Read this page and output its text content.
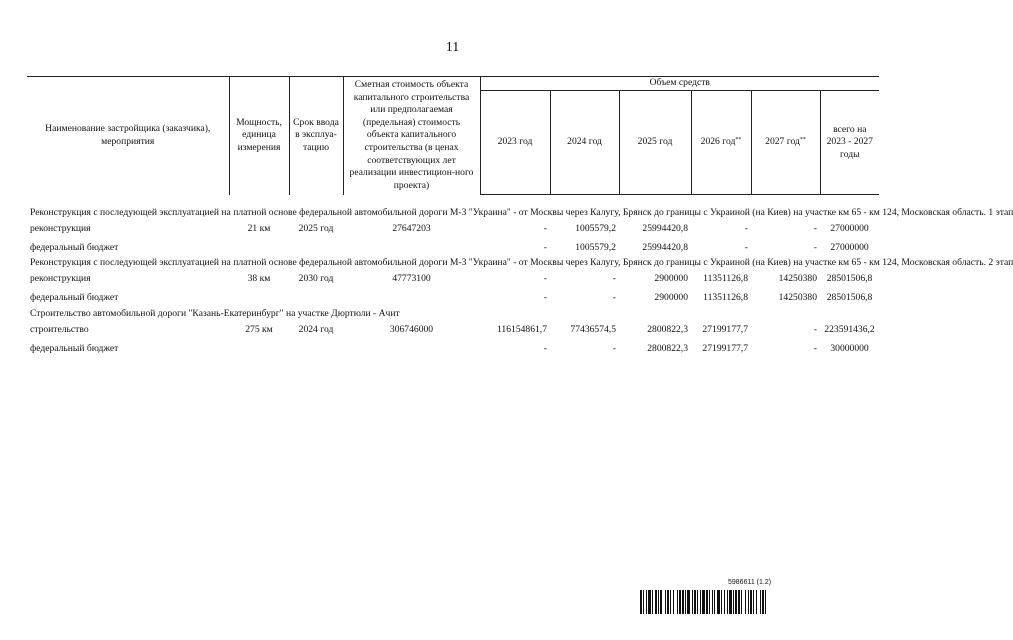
11
Наименование застройщика (заказчика), мероприятия	Мощность, единица измерения	Срок ввода в эксплуа-тацию	Сметная стоимость объекта капитального строительства или предполагаемая (предельная) стоимость объекта капитального строительства (в ценах соответствующих лет реализации инвестицион-ного проекта)	Объем средств					
				2023 год	2024 год	2025 год	2026 год**	2027 год**	всего на 2023 - 2027 годы

Реконструкция с последующей эксплуатацией на платной основе федеральной автомобильной дороги М-3 "Украина" - от Москвы через Калугу, Брянск до границы с Украиной (на Киев) на участке км 65 - км 124, Московская область. 1 этап									

реконструкция	21 км	2025 год	27647203	-	1005579,2	25994420,8	-	-	27000000
федеральный бюджет				-	1005579,2	25994420,8	-	-	27000000

Реконструкция с последующей эксплуатацией на платной основе федеральной автомобильной дороги М-3 "Украина" - от Москвы через Калугу, Брянск до границы с Украиной (на Киев) на участке км 65 - км 124, Московская область. 2 этап									

реконструкция	38 км	2030 год	47773100	-	-	2900000	11351126,8	14250380	28501506,8
федеральный бюджет				-	-	2900000	11351126,8	14250380	28501506,8

Строительство автомобильной дороги "Казань-Екатеринбург" на участке Дюртюли - Ачит									

строительство	275 км	2024 год	306746000	116154861,7	77436574,5	2800822,3	27199177,7	-	223591436,2
федеральный бюджет				-	-	2800822,3	27199177,7	-	30000000
5986611 (1.2)
